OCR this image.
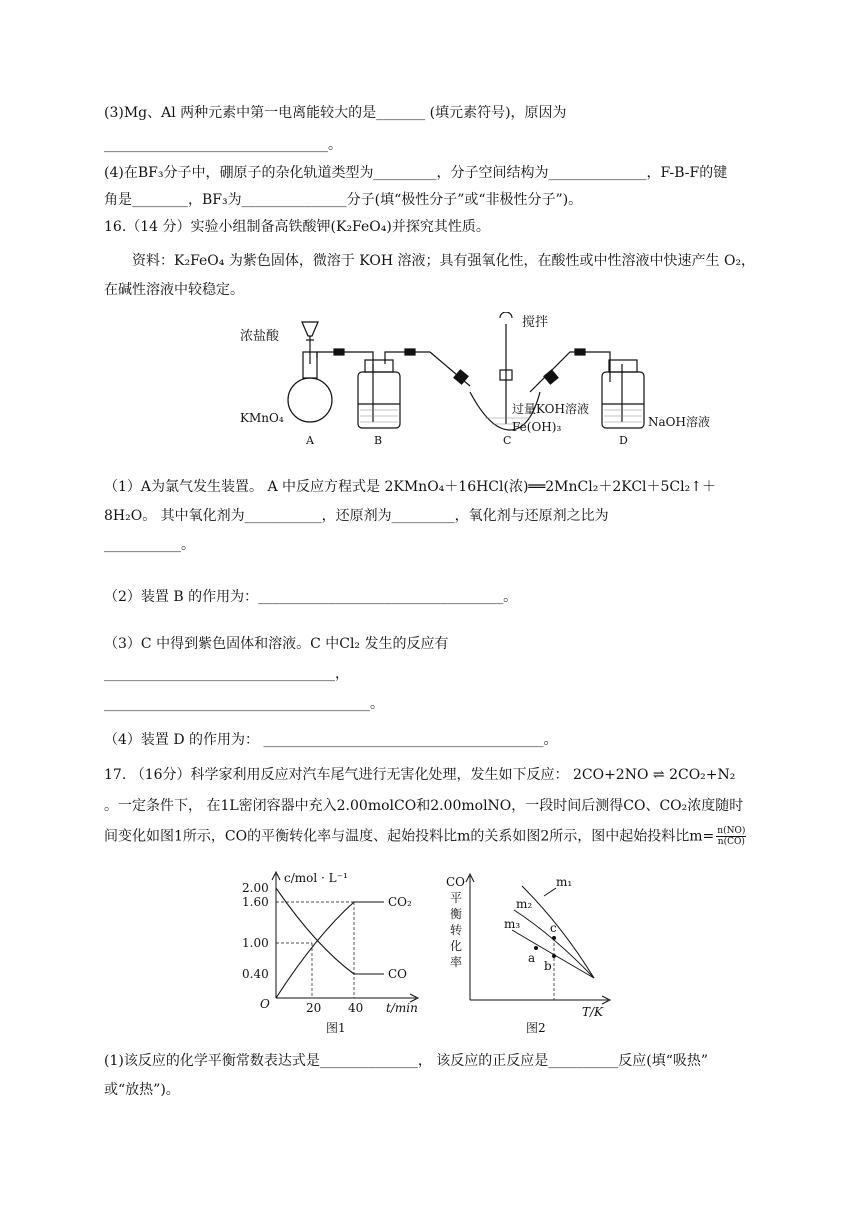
(3)Mg、Al 两种元素中第一电离能较大的是_______ (填元素符号)，原因为
________________________________。
(4)在BF₃分子中，硼原子的杂化轨道类型为_________，分子空间结构为______________，F-B-F的键
角是________，BF₃为_______________分子(填“极性分子”或“非极性分子”)。
16.（14 分）实验小组制备高铁酸钾(K₂FeO₄)并探究其性质。
资料：K₂FeO₄ 为紫色固体，微溶于 KOH 溶液；具有强氧化性，在酸性或中性溶液中快速产生 O₂，
在碱性溶液中较稳定。
浓盐酸
搅拌
KMnO₄
过量KOH溶液
Fe(OH)₃	NaOH溶液
A	B	C	D
（1）A为氯气发生装置。 A 中反应方程式是 2KMnO₄＋16HCl(浓)══2MnCl₂＋2KCl＋5Cl₂↑＋
8H₂O。 其中氧化剂为___________，还原剂为_________，氧化剂与还原剂之比为
___________。
（2）装置 B 的作用为：___________________________________。
（3）C 中得到紫色固体和溶液。C 中Cl₂ 发生的反应有
_________________________________，
______________________________________。
（4）装置 D 的作用为： ________________________________________。
17. （16分）科学家利用反应对汽车尾气进行无害化处理，发生如下反应： 2CO+2NO ⇌ 2CO₂+N₂
。一定条件下， 在1L密闭容器中充入2.00molCO和2.00molNO，一段时间后测得CO、CO₂浓度随时
间变化如图1所示，CO的平衡转化率与温度、起始投料比m的关系如图2所示，图中起始投料比$m= \frac{n(NO)}{n(CO)}$
c/mol · L⁻¹
2.00
1.60
1.00
0.40
O	20 40 t/min
CO₂
CO
图1
CO
平
衡
转
化
率
m₁
m₂
m₃
a
b
c
T/K
图2
(1)该反应的化学平衡常数表达式是______________， 该反应的正反应是__________反应(填“吸热”
或“放热”)。
